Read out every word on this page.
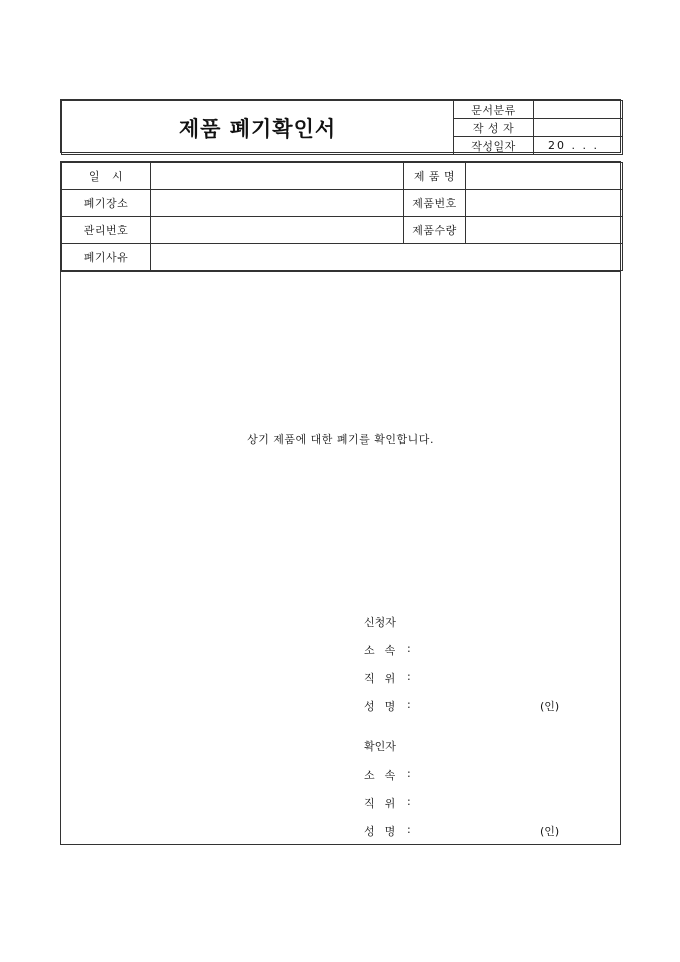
제품 폐기확인서	문서분류	
	작 성 자	
	작성일자	20 . . .
일   시		제 품 명	
폐기장소		제품번호	
관리번호		제품수량	
폐기사유			
상기 제품에 대한 폐기를 확인합니다.
신청자
소속 :
직위 :
성명 :	(인)
확인자
소속 :
직위 :
성명 :	(인)
